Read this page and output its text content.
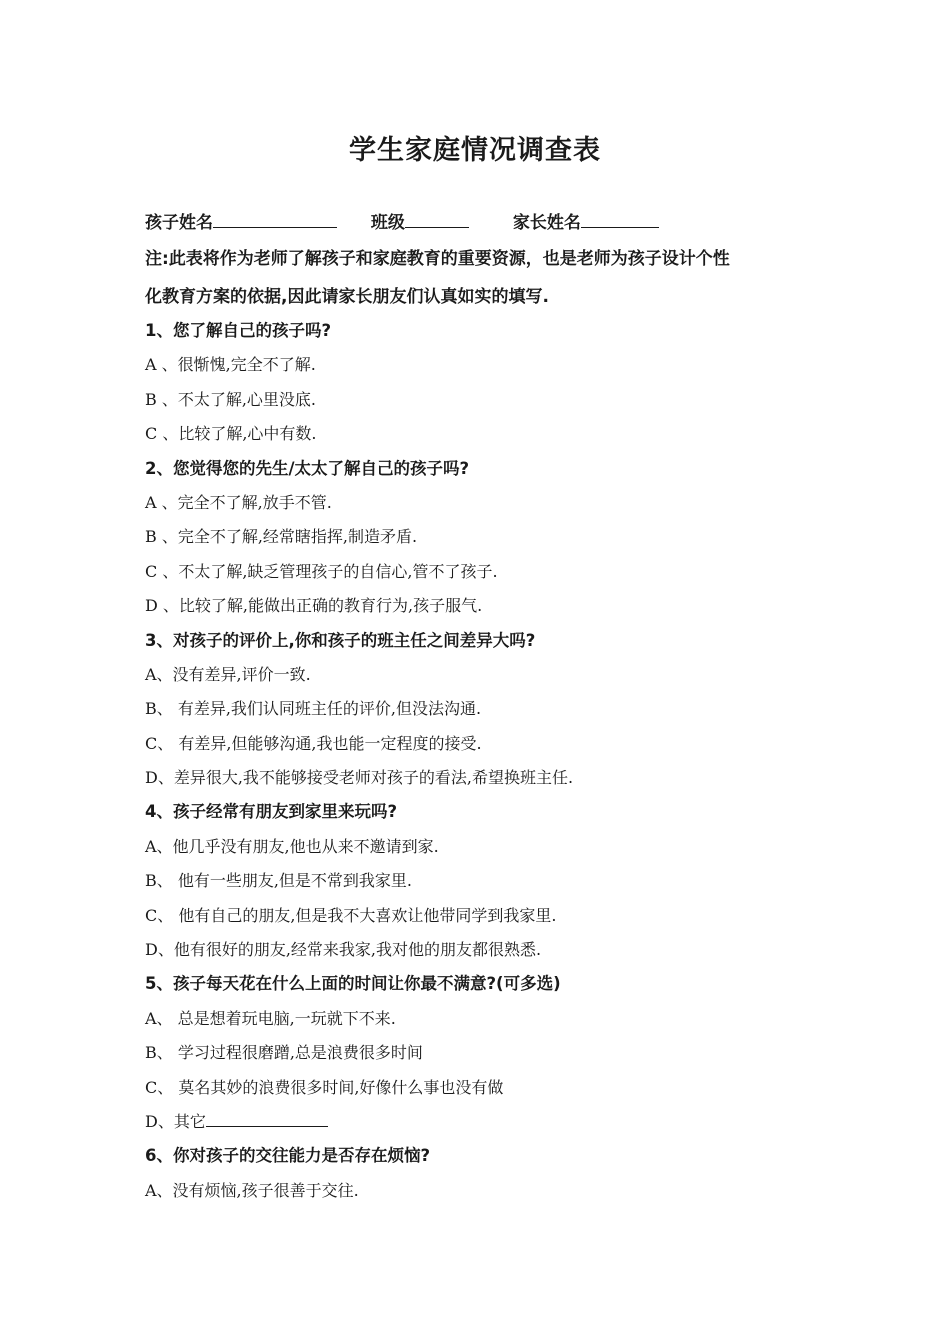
学生家庭情况调查表
孩子姓名	班级	家长姓名
注:此表将作为老师了解孩子和家庭教育的重要资源，也是老师为孩子设计个性
化教育方案的依据,因此请家长朋友们认真如实的填写.
1、您了解自己的孩子吗?
A 、很惭愧,完全不了解.
B 、不太了解,心里没底.
C 、比较了解,心中有数.
2、您觉得您的先生/太太了解自己的孩子吗?
A 、完全不了解,放手不管.
B 、完全不了解,经常瞎指挥,制造矛盾.
C 、不太了解,缺乏管理孩子的自信心,管不了孩子.
D 、比较了解,能做出正确的教育行为,孩子服气.
3、对孩子的评价上,你和孩子的班主任之间差异大吗?
A、没有差异,评价一致.
B、 有差异,我们认同班主任的评价,但没法沟通.
C、 有差异,但能够沟通,我也能一定程度的接受.
D、差异很大,我不能够接受老师对孩子的看法,希望换班主任.
4、孩子经常有朋友到家里来玩吗?
A、他几乎没有朋友,他也从来不邀请到家.
B、 他有一些朋友,但是不常到我家里.
C、 他有自己的朋友,但是我不大喜欢让他带同学到我家里.
D、他有很好的朋友,经常来我家,我对他的朋友都很熟悉.
5、孩子每天花在什么上面的时间让你最不满意?(可多选)
A、 总是想着玩电脑,一玩就下不来.
B、 学习过程很磨蹭,总是浪费很多时间
C、 莫名其妙的浪费很多时间,好像什么事也没有做
D、其它
6、你对孩子的交往能力是否存在烦恼?
A、没有烦恼,孩子很善于交往.
